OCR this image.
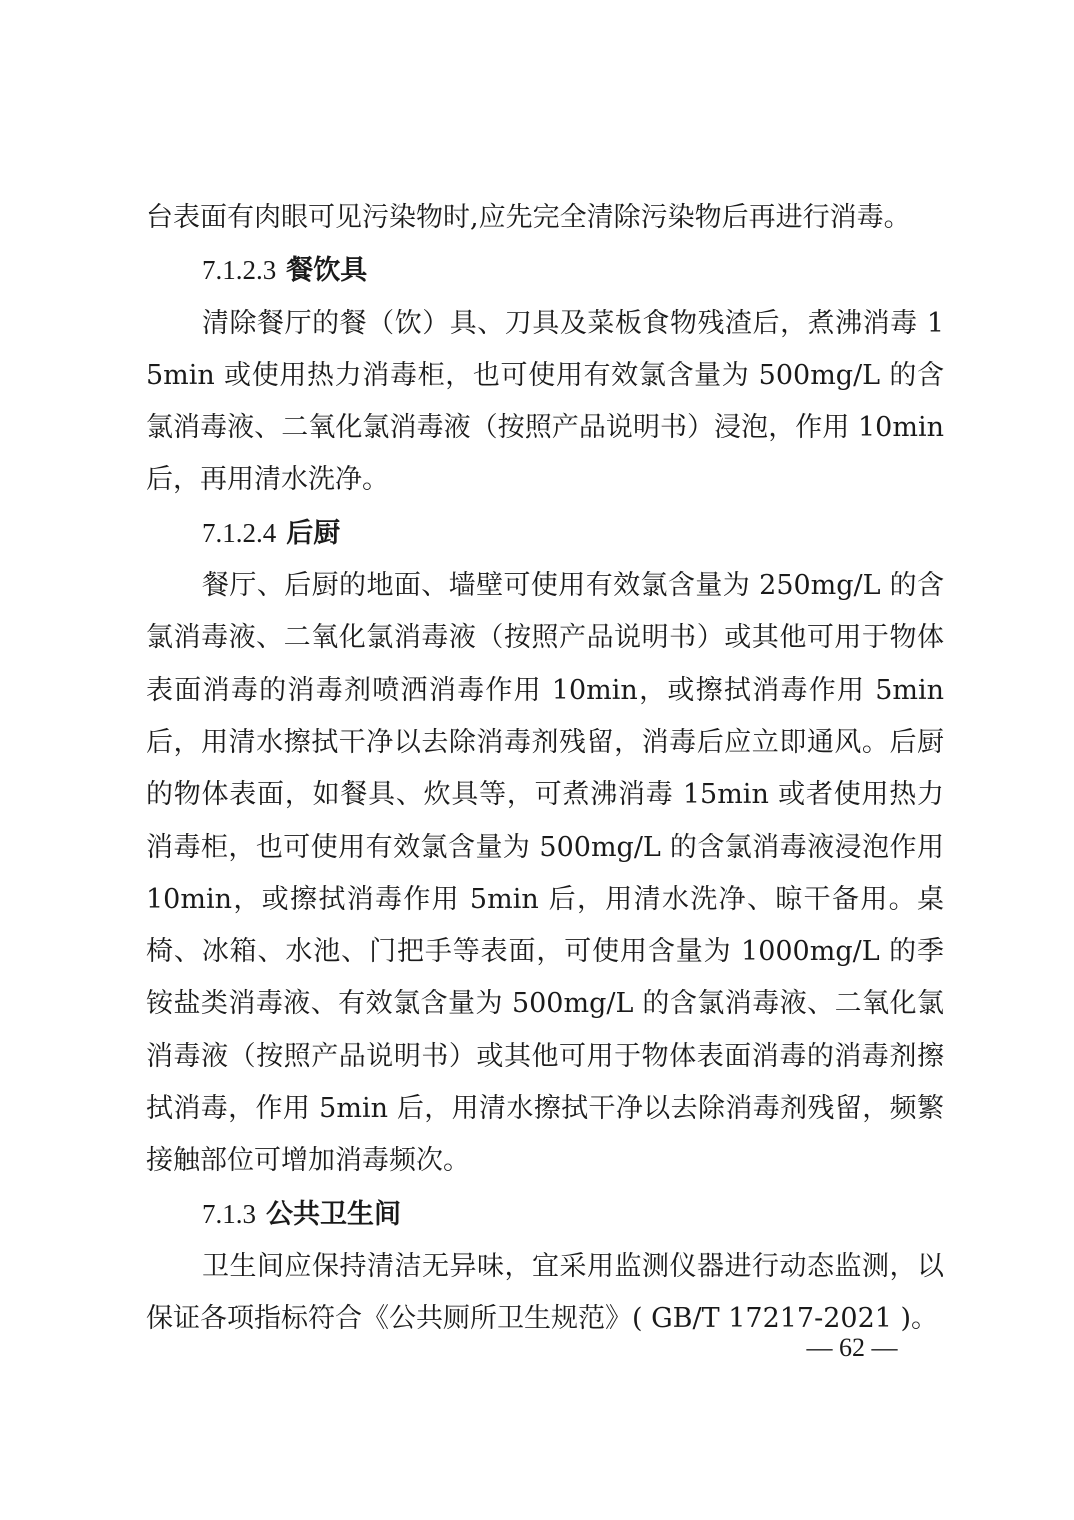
台表面有肉眼可见污染物时,应先完全清除污染物后再进行消毒。

7.1.2.3 餐饮具

清除餐厅的餐（饮）具、刀具及菜板食物残渣后，煮沸消毒 15min 或使用热力消毒柜，也可使用有效氯含量为 500mg/L 的含氯消毒液、二氧化氯消毒液（按照产品说明书）浸泡，作用 10min 后，再用清水洗净。

7.1.2.4 后厨

餐厅、后厨的地面、墙壁可使用有效氯含量为 250mg/L 的含氯消毒液、二氧化氯消毒液（按照产品说明书）或其他可用于物体表面消毒的消毒剂喷洒消毒作用 10min，或擦拭消毒作用 5min 后，用清水擦拭干净以去除消毒剂残留，消毒后应立即通风。后厨的物体表面，如餐具、炊具等，可煮沸消毒 15min 或者使用热力消毒柜，也可使用有效氯含量为 500mg/L 的含氯消毒液浸泡作用 10min，或擦拭消毒作用 5min 后，用清水洗净、晾干备用。桌椅、冰箱、水池、门把手等表面，可使用含量为 1000mg/L 的季铵盐类消毒液、有效氯含量为 500mg/L 的含氯消毒液、二氧化氯消毒液（按照产品说明书）或其他可用于物体表面消毒的消毒剂擦拭消毒，作用 5min 后，用清水擦拭干净以去除消毒剂残留，频繁接触部位可增加消毒频次。

7.1.3 公共卫生间

卫生间应保持清洁无异味，宜采用监测仪器进行动态监测，以保证各项指标符合《公共厕所卫生规范》( GB/T 17217-2021 )。

— 62 —
